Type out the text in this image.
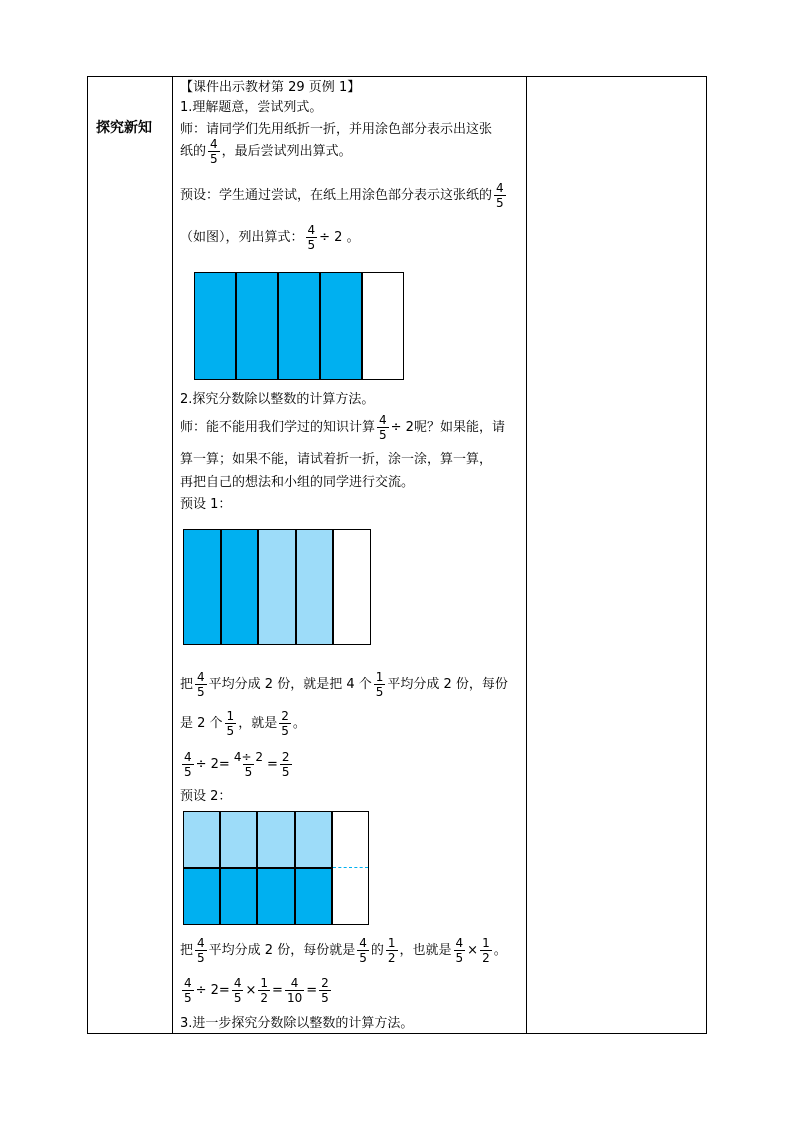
探究新知
【课件出示教材第 29 页例 1】
1.理解题意，尝试列式。
师：请同学们先用纸折一折，并用涂色部分表示出这张
纸的 $\frac{4}{5}$ ，最后尝试列出算式。
预设：学生通过尝试，在纸上用涂色部分表示这张纸的 $\frac{4}{5}$
（如图），列出算式： $\frac{4}{5} \div 2$ 。
2.探究分数除以整数的计算方法。
师：能不能用我们学过的知识计算 $\frac{4}{5} \div 2$呢？如果能，请
算一算；如果不能，请试着折一折，涂一涂，算一算，
再把自己的想法和小组的同学进行交流。
预设 1：
把 $\frac{4}{5}$ 平均分成 2 份，就是把 4 个 $\frac{1}{5}$ 平均分成 2 份，每份
是 2 个 $\frac{1}{5}$ ，就是 $\frac{2}{5}$ 。
$\frac{4}{5} \div 2= \frac{4\div 2}{5} = \frac{2}{5}$
预设 2：
把 $\frac{4}{5}$ 平均分成 2 份，每份就是 $\frac{4}{5}$ 的 $\frac{1}{2}$ ，也就是 $\frac{4}{5} \times \frac{1}{2}$ 。
$\frac{4}{5} \div 2= \frac{4}{5} \times \frac{1}{2} = \frac{4}{10} = \frac{2}{5}$
3.进一步探究分数除以整数的计算方法。
